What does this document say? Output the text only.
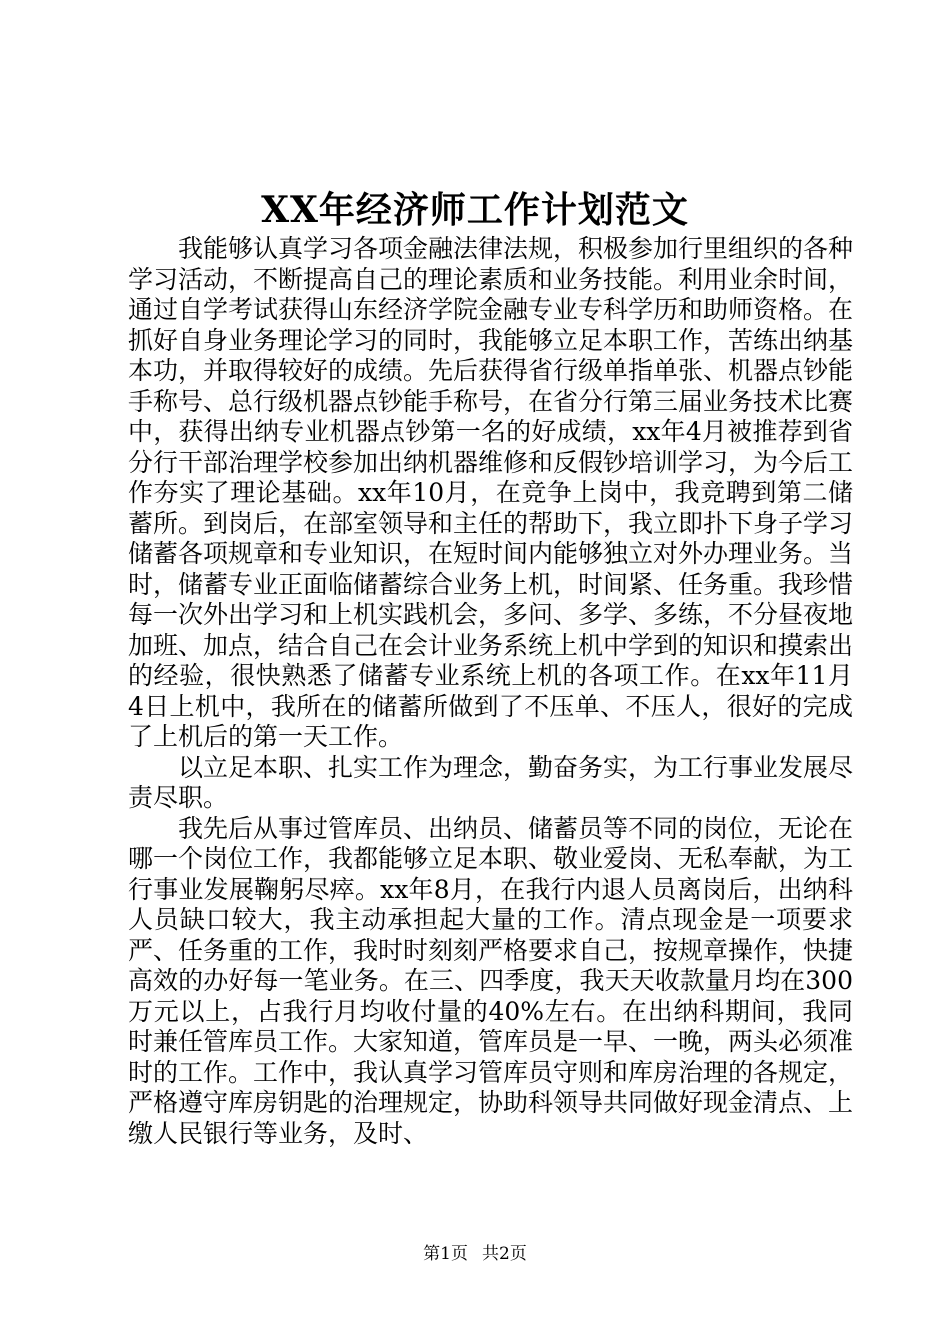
XX年经济师工作计划范文

　　我能够认真学习各项金融法律法规，积极参加行里组织的各种学习活动，不断提高自己的理论素质和业务技能。利用业余时间，通过自学考试获得山东经济学院金融专业专科学历和助师资格。在抓好自身业务理论学习的同时，我能够立足本职工作，苦练出纳基本功，并取得较好的成绩。先后获得省行级单指单张、机器点钞能手称号、总行级机器点钞能手称号，在省分行第三届业务技术比赛中，获得出纳专业机器点钞第一名的好成绩，xx年4月被推荐到省分行干部治理学校参加出纳机器维修和反假钞培训学习，为今后工作夯实了理论基础。xx年10月，在竞争上岗中，我竞聘到第二储蓄所。到岗后，在部室领导和主任的帮助下，我立即扑下身子学习储蓄各项规章和专业知识，在短时间内能够独立对外办理业务。当时，储蓄专业正面临储蓄综合业务上机，时间紧、任务重。我珍惜每一次外出学习和上机实践机会，多问、多学、多练，不分昼夜地加班、加点，结合自己在会计业务系统上机中学到的知识和摸索出的经验，很快熟悉了储蓄专业系统上机的各项工作。在xx年11月4日上机中，我所在的储蓄所做到了不压单、不压人，很好的完成了上机后的第一天工作。

　　以立足本职、扎实工作为理念，勤奋务实，为工行事业发展尽责尽职。

　　我先后从事过管库员、出纳员、储蓄员等不同的岗位，无论在哪一个岗位工作，我都能够立足本职、敬业爱岗、无私奉献，为工行事业发展鞠躬尽瘁。xx年8月，在我行内退人员离岗后，出纳科人员缺口较大，我主动承担起大量的工作。清点现金是一项要求严、任务重的工作，我时时刻刻严格要求自己，按规章操作，快捷高效的办好每一笔业务。在三、四季度，我天天收款量月均在300万元以上，占我行月均收付量的40%左右。在出纳科期间，我同时兼任管库员工作。大家知道，管库员是一早、一晚，两头必须准时的工作。工作中，我认真学习管库员守则和库房治理的各规定，严格遵守库房钥匙的治理规定，协助科领导共同做好现金清点、上缴人民银行等业务，及时、

第1页 共2页
